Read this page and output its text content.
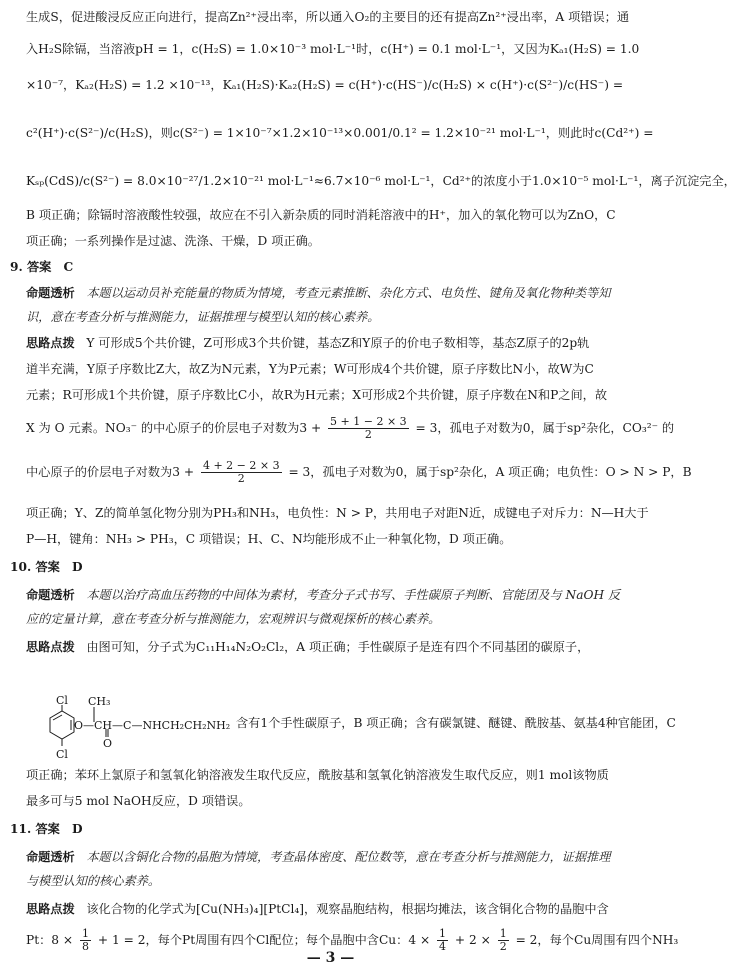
生成S，促进酸浸反应正向进行，提高Zn²⁺浸出率，所以通入O₂的主要目的还有提高Zn²⁺浸出率，A 项错误；通
入H₂S除镉，当溶液pH = 1，c(H₂S) = 1.0×10⁻³ mol·L⁻¹时，c(H⁺) = 0.1 mol·L⁻¹，又因为Kₐ₁(H₂S) = 1.0
×10⁻⁷，Kₐ₂(H₂S) = 1.2 ×10⁻¹³，Kₐ₁(H₂S)·Kₐ₂(H₂S) = c(H⁺)·c(HS⁻)/c(H₂S) × c(H⁺)·c(S²⁻)/c(HS⁻) =
c²(H⁺)·c(S²⁻)/c(H₂S)，则c(S²⁻) = 1×10⁻⁷×1.2×10⁻¹³×0.001/0.1² = 1.2×10⁻²¹ mol·L⁻¹，则此时c(Cd²⁺) =
Kₛₚ(CdS)/c(S²⁻) = 8.0×10⁻²⁷/1.2×10⁻²¹ mol·L⁻¹≈6.7×10⁻⁶ mol·L⁻¹，Cd²⁺的浓度小于1.0×10⁻⁵ mol·L⁻¹，离子沉淀完全，
B 项正确；除镉时溶液酸性较强，故应在不引入新杂质的同时消耗溶液中的H⁺，加入的氧化物可以为ZnO，C
项正确；一系列操作是过滤、洗涤、干燥，D 项正确。
9. 答案　C
命题透析 本题以运动员补充能量的物质为情境，考查元素推断、杂化方式、电负性、键角及氧化物种类等知
识，意在考查分析与推测能力，证据推理与模型认知的核心素养。
思路点拨 Y 可形成5个共价键，Z可形成3个共价键，基态Z和Y原子的价电子数相等，基态Z原子的2p轨
道半充满，Y原子序数比Z大，故Z为N元素，Y为P元素；W可形成4个共价键，原子序数比N小，故W为C
元素；R可形成1个共价键，原子序数比C小，故R为H元素；X可形成2个共价键，原子序数在N和P之间，故
X 为 O 元素。NO₃⁻ 的中心原子的价层电子对数为$3 + \frac{5 + 1 - 2 \times 3}{2} = 3$，孤电子对数为0，属于sp²杂化，CO₃²⁻ 的
中心原子的价层电子对数为$3 + \frac{4 + 2 - 2 \times 3}{2} = 3$，孤电子对数为0，属于sp²杂化，A 项正确；电负性：O > N > P，B
项正确；Y、Z的简单氢化物分别为PH₃和NH₃，电负性：N > P，共用电子对距N近，成键电子对斥力：N—H大于
P—H，键角：NH₃ > PH₃，C 项错误；H、C、N均能形成不止一种氧化物，D 项正确。
10. 答案　D
命题透析 本题以治疗高血压药物的中间体为素材，考查分子式书写、手性碳原子判断、官能团及与 NaOH 反
应的定量计算，意在考查分析与推测能力，宏观辨识与微观探析的核心素养。
思路点拨 由图可知，分子式为C₁₁H₁₄N₂O₂Cl₂，A 项正确；手性碳原子是连有四个不同基团的碳原子，
Cl CH₃
O—CH—C—NHCH₂CH₂NH₂
O
Cl
含有1个手性碳原子，B 项正确；含有碳氯键、醚键、酰胺基、氨基4种官能团，C
项正确；苯环上氯原子和氢氧化钠溶液发生取代反应，酰胺基和氢氧化钠溶液发生取代反应，则1 mol该物质
最多可与5 mol NaOH反应，D 项错误。
11. 答案　D
命题透析 本题以含铜化合物的晶胞为情境，考查晶体密度、配位数等，意在考查分析与推测能力，证据推理
与模型认知的核心素养。
思路点拨 该化合物的化学式为[Cu(NH₃)₄][PtCl₄]，观察晶胞结构，根据均摊法，该含铜化合物的晶胞中含
Pt：$8 \times \frac{1}{8} + 1 = 2$，每个Pt周围有四个Cl配位；每个晶胞中含Cu：$4 \times \frac{1}{4} + 2 \times \frac{1}{2} = 2$，每个Cu周围有四个NH₃
— 3 —
